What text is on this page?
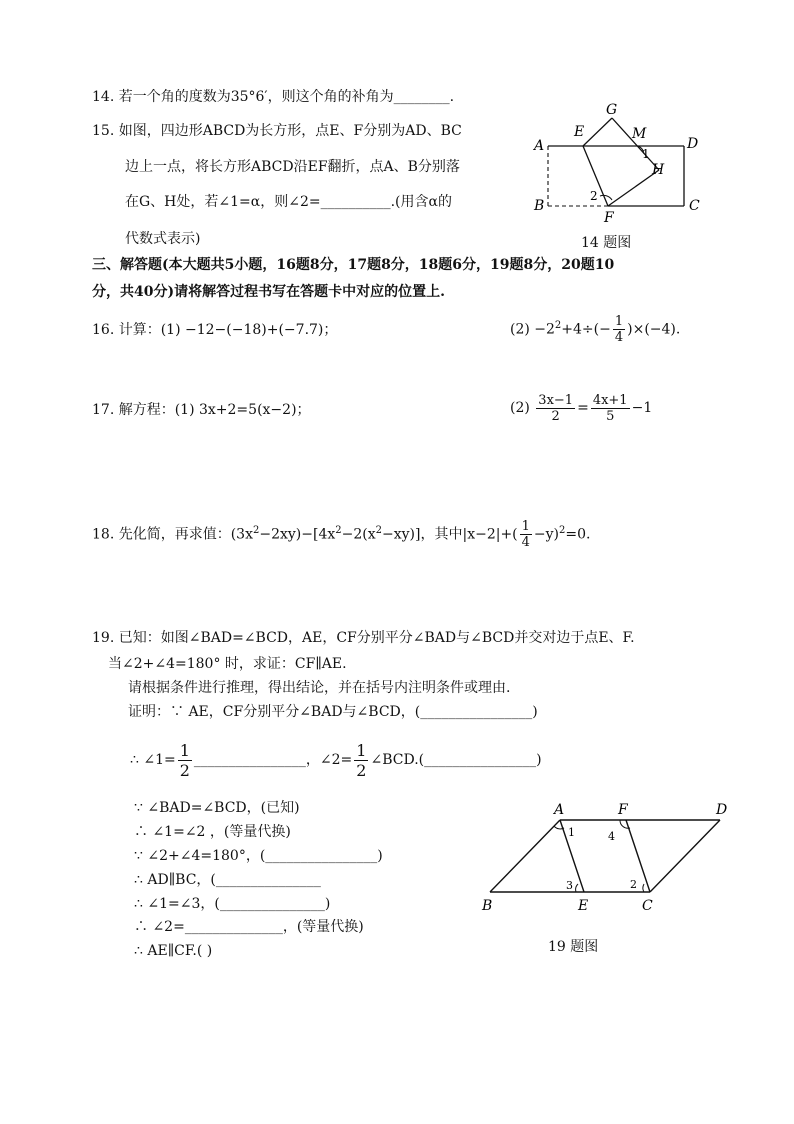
14. 若一个角的度数为35°6′，则这个角的补角为________.
15. 如图，四边形ABCD为长方形，点E、F分别为AD、BC
边上一点，将长方形ABCD沿EF翻折，点A、B分别落
在G、H处，若∠1=α，则∠2=__________.(用含α的
代数式表示)
A
B	C
D
E
F
G
H
M
1
2
14 题图
三、解答题(本大题共5小题，16题8分，17题8分，18题6分，19题8分，20题10
分，共40分)请将解答过程书写在答题卡中对应的位置上.
16. 计算：(1) −12−(−18)+(−7.7)；	$(2) -2^2+4\div(- \frac{1}{4} )\times(-4)$.
17. 解方程：(1) 3x+2=5(x−2)；	$(2) \frac{3x-1}{2} = \frac{4x+1}{5} -1$
18. 先化简，再求值：$(3x^2-2xy)-[4x^2-2(x^2-xy)]$，其中$|x-2|+( \frac{1}{4} -y)^2=0$.
19. 已知：如图∠BAD=∠BCD，AE，CF分别平分∠BAD与∠BCD并交对边于点E、F.
当∠2+∠4=180° 时，求证：CF∥AE.
请根据条件进行推理，得出结论，并在括号内注明条件或理由.
证明：∵ AE，CF分别平分∠BAD与∠BCD，(________________)
∴ ∠1= $\frac{1}{2}$ ________________，∠2= $\frac{1}{2}$ ∠BCD.(________________)
∵ ∠BAD=∠BCD，(已知)
∴ ∠1=∠2 ，(等量代换)
∵ ∠2+∠4=180°，(________________)
∴ AD∥BC，(_______________
∴ ∠1=∠3，(_______________)
∴ ∠2=______________，(等量代换)
∴ AE∥CF.( )
A
B	C
D
E
F
1
2
3
4
19 题图
